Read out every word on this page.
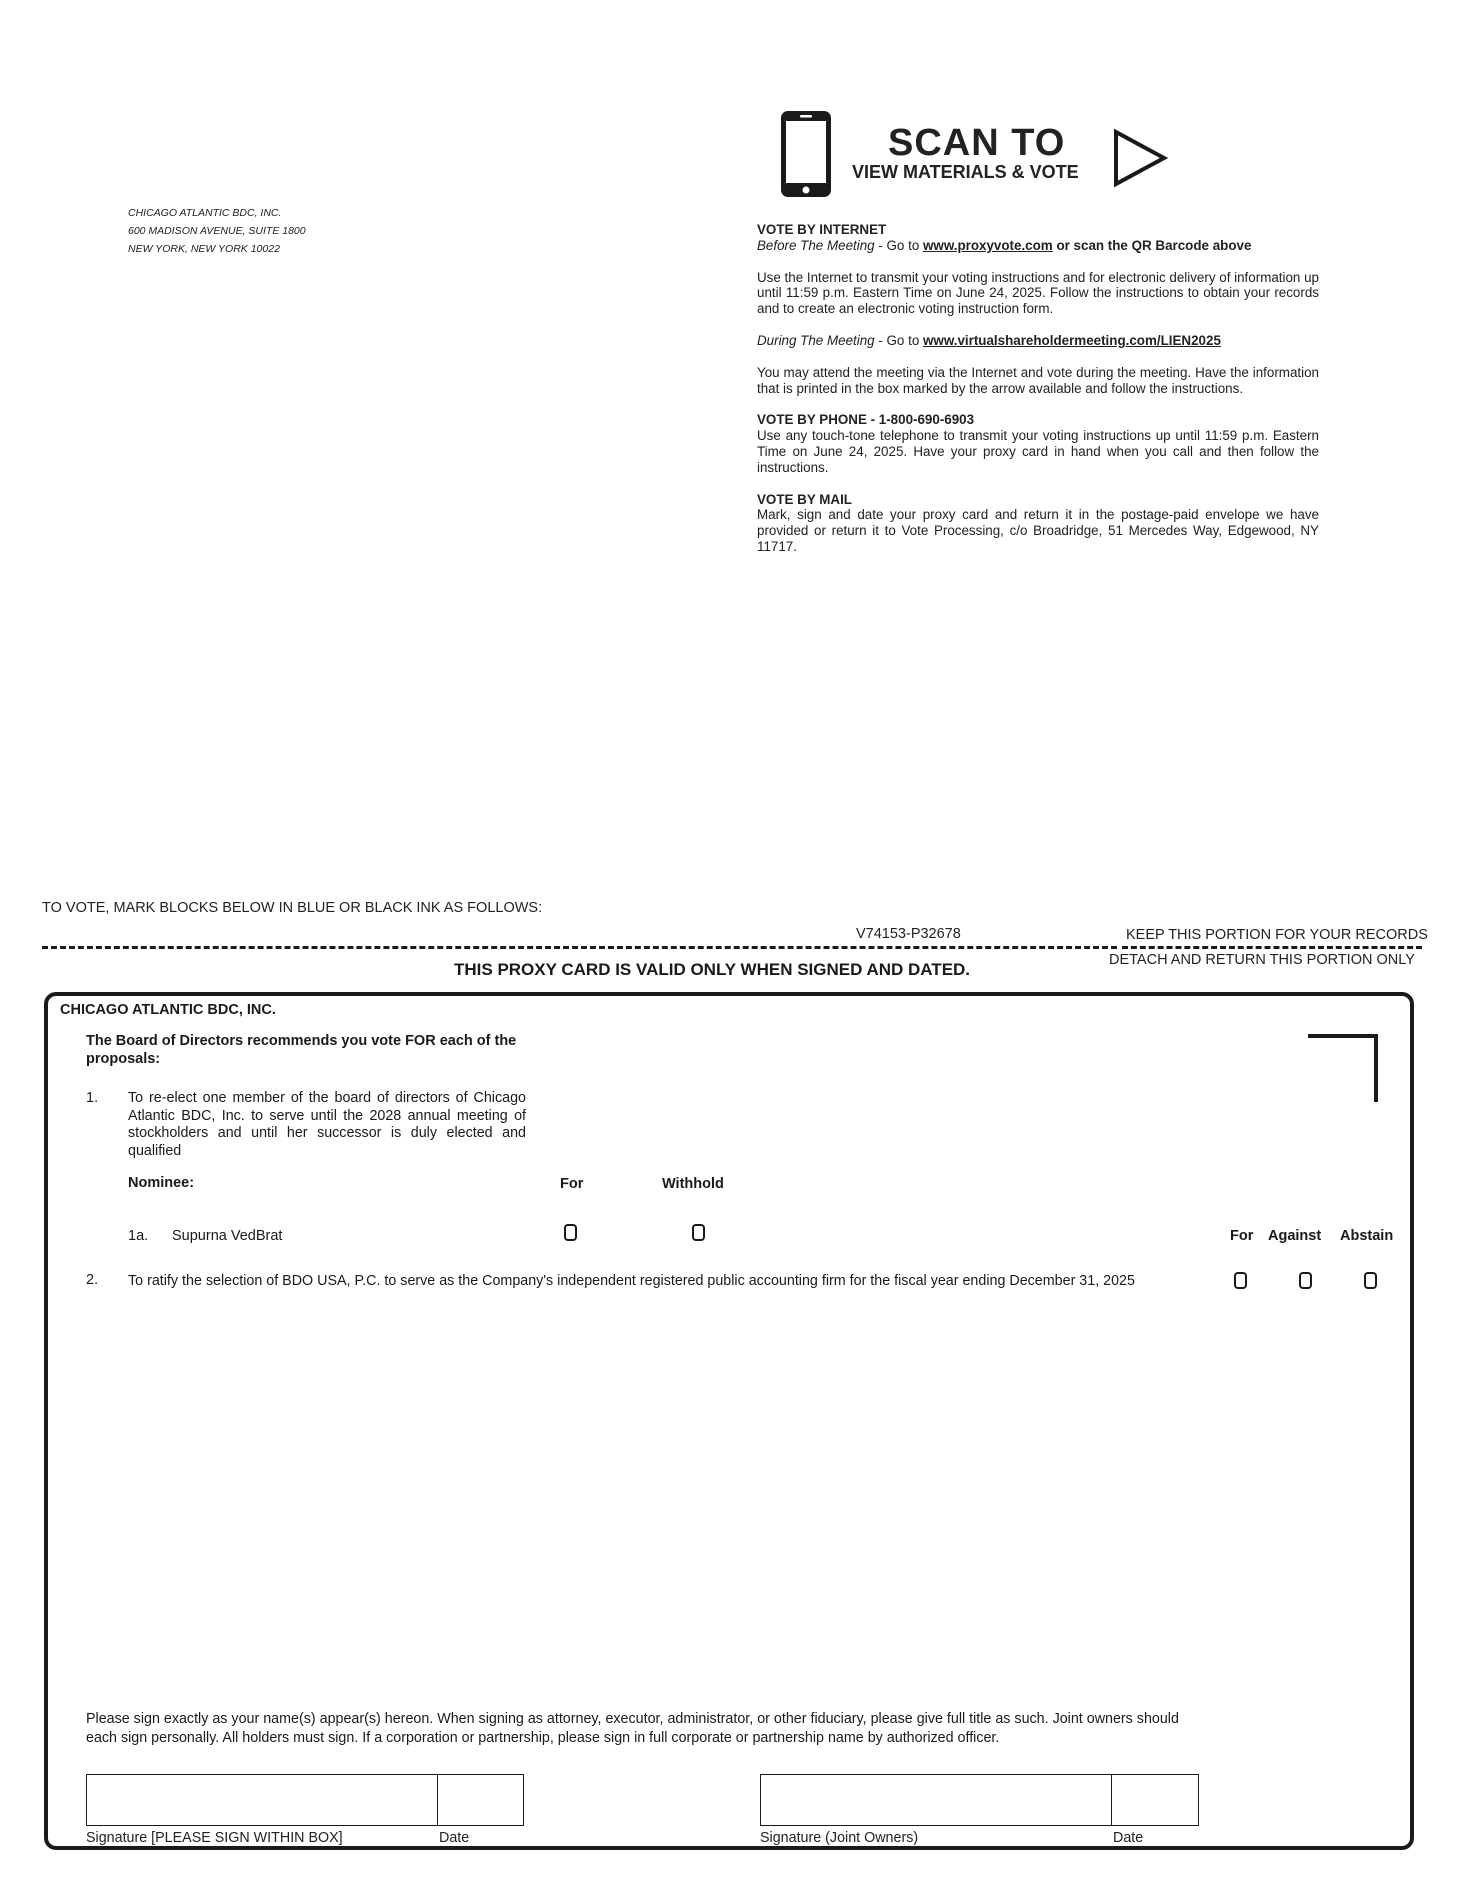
CHICAGO ATLANTIC BDC, INC.
600 MADISON AVENUE, SUITE 1800
NEW YORK, NEW YORK 10022
SCAN TO
VIEW MATERIALS & VOTE

VOTE BY INTERNET

Before The Meeting - Go to www.proxyvote.com or scan the QR Barcode above

Use the Internet to transmit your voting instructions and for electronic delivery of information up until 11:59 p.m. Eastern Time on June 24, 2025. Follow the instructions to obtain your records and to create an electronic voting instruction form.

During The Meeting - Go to www.virtualshareholdermeeting.com/LIEN2025

You may attend the meeting via the Internet and vote during the meeting. Have the information that is printed in the box marked by the arrow available and follow the instructions.

VOTE BY PHONE - 1-800-690-6903

Use any touch-tone telephone to transmit your voting instructions up until 11:59 p.m. Eastern Time on June 24, 2025. Have your proxy card in hand when you call and then follow the instructions.

VOTE BY MAIL

Mark, sign and date your proxy card and return it in the postage-paid envelope we have provided or return it to Vote Processing, c/o Broadridge, 51 Mercedes Way, Edgewood, NY 11717.

TO VOTE, MARK BLOCKS BELOW IN BLUE OR BLACK INK AS FOLLOWS:
V74153-P32678	KEEP THIS PORTION FOR YOUR RECORDS
DETACH AND RETURN THIS PORTION ONLY
THIS PROXY CARD IS VALID ONLY WHEN SIGNED AND DATED.
CHICAGO ATLANTIC BDC, INC.
The Board of Directors recommends you vote FOR each of the proposals:
1. To re-elect one member of the board of directors of Chicago Atlantic BDC, Inc. to serve until the 2028 annual meeting of stockholders and until her successor is duly elected and qualified
Nominee:	For	Withhold
1a. Supurna VedBrat	For Against Abstain
2. To ratify the selection of BDO USA, P.C. to serve as the Company's independent registered public accounting firm for the fiscal year ending December 31, 2025
Please sign exactly as your name(s) appear(s) hereon. When signing as attorney, executor, administrator, or other fiduciary, please give full title as such. Joint owners should each sign personally. All holders must sign. If a corporation or partnership, please sign in full corporate or partnership name by authorized officer.
Signature [PLEASE SIGN WITHIN BOX]	Date	Signature (Joint Owners)	Date
